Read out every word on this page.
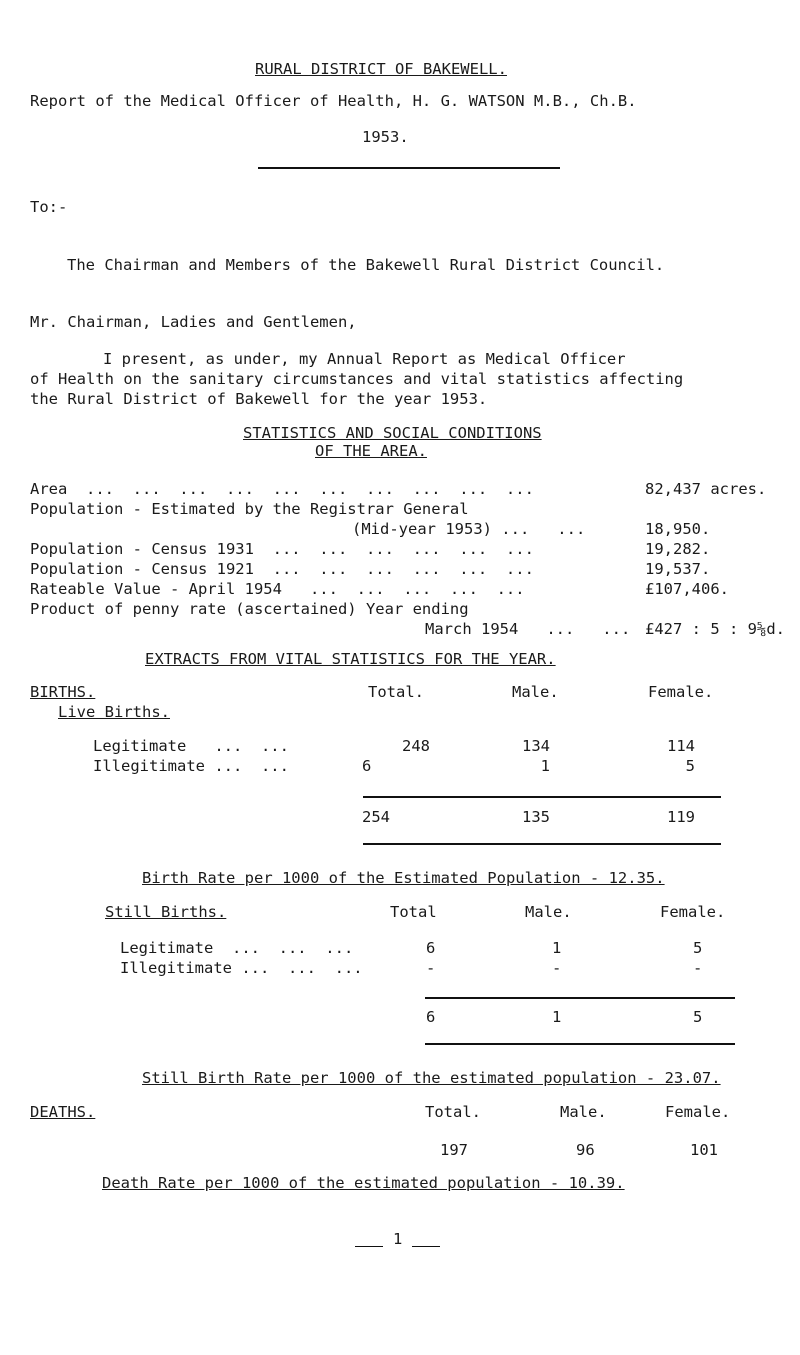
RURAL DISTRICT OF BAKEWELL.
Report of the Medical Officer of Health, H. G. WATSON M.B., Ch.B.
1953.
To:-
The Chairman and Members of the Bakewell Rural District Council.
Mr. Chairman, Ladies and Gentlemen,
I present, as under, my Annual Report as Medical Officer
of Health on the sanitary circumstances and vital statistics affecting
the Rural District of Bakewell for the year 1953.
STATISTICS AND SOCIAL CONDITIONS
OF THE AREA.
Area  ...  ...  ...  ...  ...  ...  ...  ...  ...  ...	82,437 acres.
Population - Estimated by the Registrar General
(Mid-year 1953) ...   ...	18,950.
Population - Census 1931  ...  ...  ...  ...  ...  ...	19,282.
Population - Census 1921  ...  ...  ...  ...  ...  ...	19,537.
Rateable Value - April 1954   ...  ...  ...  ...  ...	£107,406.
Product of penny rate (ascertained) Year ending
March 1954   ...   ... £427 : 5 : 9⅝d.
EXTRACTS FROM VITAL STATISTICS FOR THE YEAR.
BIRTHS.
Live Births.
Total.	Male.	Female.
Legitimate   ...  ...	248	134	114
Illegitimate ...  ...	6	1	5
254	135	119
Birth Rate per 1000 of the Estimated Population - 12.35.
Still Births.	Total	Male.	Female.
Legitimate  ...  ...  ...	6	1	5
Illegitimate ...  ...  ...	-	-	-
6	1	5
Still Birth Rate per 1000 of the estimated population - 23.07.
DEATHS.	Total.	Male.	Female.
197	96	101
Death Rate per 1000 of the estimated population - 10.39.
1
